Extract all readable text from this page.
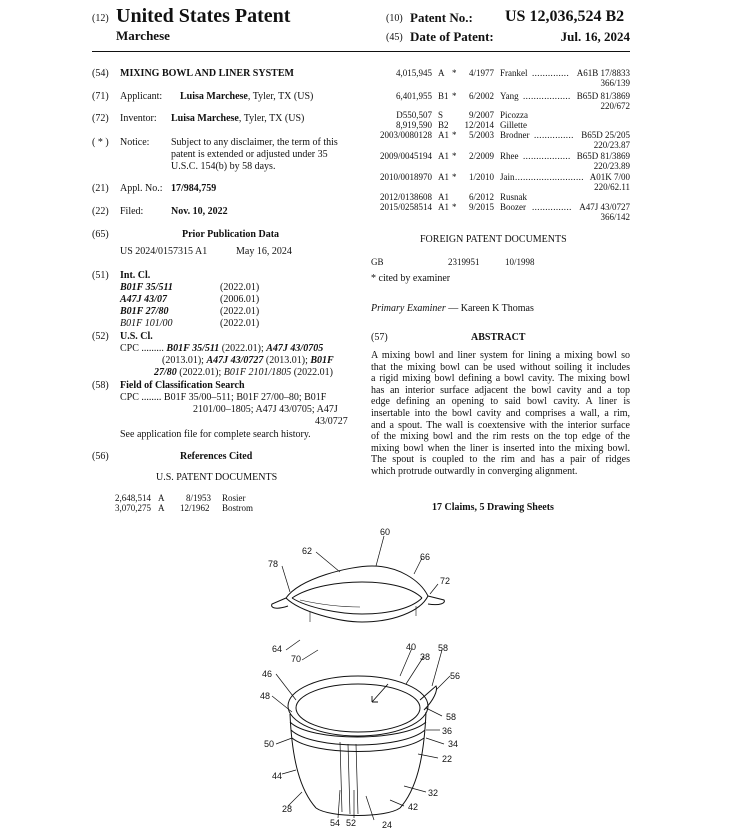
(12) United States Patent
Marchese
(10) Patent No.: US 12,036,524 B2
(45) Date of Patent:	Jul. 16, 2024
(54) MIXING BOWL AND LINER SYSTEM
(71) Applicant: Luisa Marchese, Tyler, TX (US)
(72) Inventor: Luisa Marchese, Tyler, TX (US)
( * ) Notice: Subject to any disclaimer, the term of this
patent is extended or adjusted under 35
U.S.C. 154(b) by 58 days.
(21) Appl. No.: 17/984,759
(22) Filed:	Nov. 10, 2022
(65)	Prior Publication Data
US 2024/0157315 A1	May 16, 2024
(51) Int. Cl.
B01F 35/511	(2022.01)
A47J 43/07	(2006.01)
B01F 27/80	(2022.01)
B01F 101/00	(2022.01)
(52) U.S. Cl.
CPC ......... B01F 35/511 (2022.01); A47J 43/0705
(2013.01); A47J 43/0727 (2013.01); B01F
27/80 (2022.01); B01F 2101/1805 (2022.01)
(58) Field of Classification Search
CPC ........ B01F 35/00–511; B01F 27/00–80; B01F
2101/00–1805; A47J 43/0705; A47J
43/0727
See application file for complete search history.
(56)	References Cited
U.S. PATENT DOCUMENTS
2,648,514 A 8/1953 Rosier
3,070,275 A 12/1962 Bostrom
4,015,945 A * 4/1977 Frankel .............. A61B 17/8833
366/139
6,401,955 B1 * 6/2002 Yang .................. B65D 81/3869
220/672
D550,507 S	9/2007 Picozza
8,919,590 B2 12/2014 Gillette
2003/0080128 A1 * 5/2003 Brodner ............... B65D 25/205
220/23.87
2009/0045194 A1 * 2/2009 Rhee .................. B65D 81/3869
220/23.89
2010/0018970 A1 * 1/2010 Jain .......................... A01K 7/00
220/62.11
2012/0138608 A1 6/2012 Rusnak
2015/0258514 A1 * 9/2015 Boozer ............... A47J 43/0727
366/142
FOREIGN PATENT DOCUMENTS
GB	2319951	10/1998
* cited by examiner
Primary Examiner — Kareen K Thomas
(57)	ABSTRACT
A mixing bowl and liner system for lining a mixing bowl so
that the mixing bowl can be used without soiling it includes
a rigid mixing bowl defining a bowl cavity. The mixing bowl
has an interior surface adjacent the bowl cavity and a top
edge defining an opening to said bowl cavity. A liner is
insertable into the bowl cavity and comprises a wall, a rim,
and a spout. The wall is coextensive with the interior surface
of the mixing bowl and the rim rests on the top edge of the
mixing bowl when the liner is inserted into the mixing bowl.
The spout is coupled to the rim and has a pair of ridges
which protrude outwardly in converging alignment.
17 Claims, 5 Drawing Sheets
60
62
66
78
72
64
70
40
38
58
46	56
48
58
36
50	34
22
44
32
28	42
54 52	24
